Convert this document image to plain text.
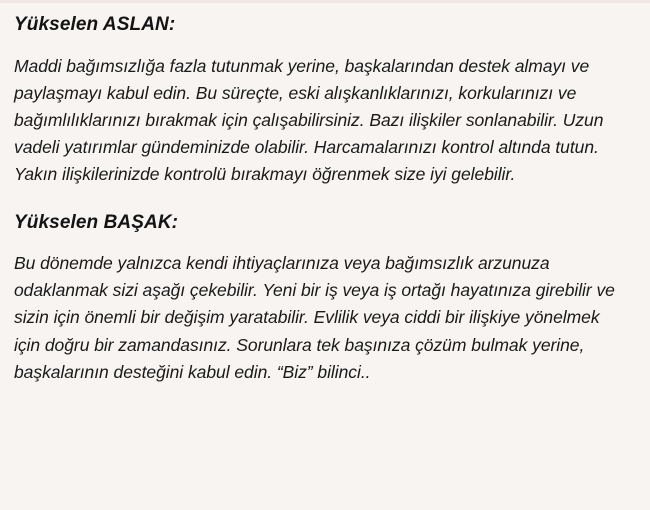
Yükselen ASLAN:

Maddi bağımsızlığa fazla tutunmak yerine, başkalarından destek almayı ve paylaşmayı kabul edin. Bu süreçte, eski alışkanlıklarınızı, korkularınızı ve bağımlılıklarınızı bırakmak için çalışabilirsiniz. Bazı ilişkiler sonlanabilir. Uzun vadeli yatırımlar gündeminizde olabilir. Harcamalarınızı kontrol altında tutun. Yakın ilişkilerinizde kontrolü bırakmayı öğrenmek size iyi gelebilir.

Yükselen BAŞAK:

Bu dönemde yalnızca kendi ihtiyaçlarınıza veya bağımsızlık arzunuza odaklanmak sizi aşağı çekebilir. Yeni bir iş veya iş ortağı hayatınıza girebilir ve sizin için önemli bir değişim yaratabilir. Evlilik veya ciddi bir ilişkiye yönelmek için doğru bir zamandasınız. Sorunlara tek başınıza çözüm bulmak yerine, başkalarının desteğini kabul edin. “Biz” bilinci..
